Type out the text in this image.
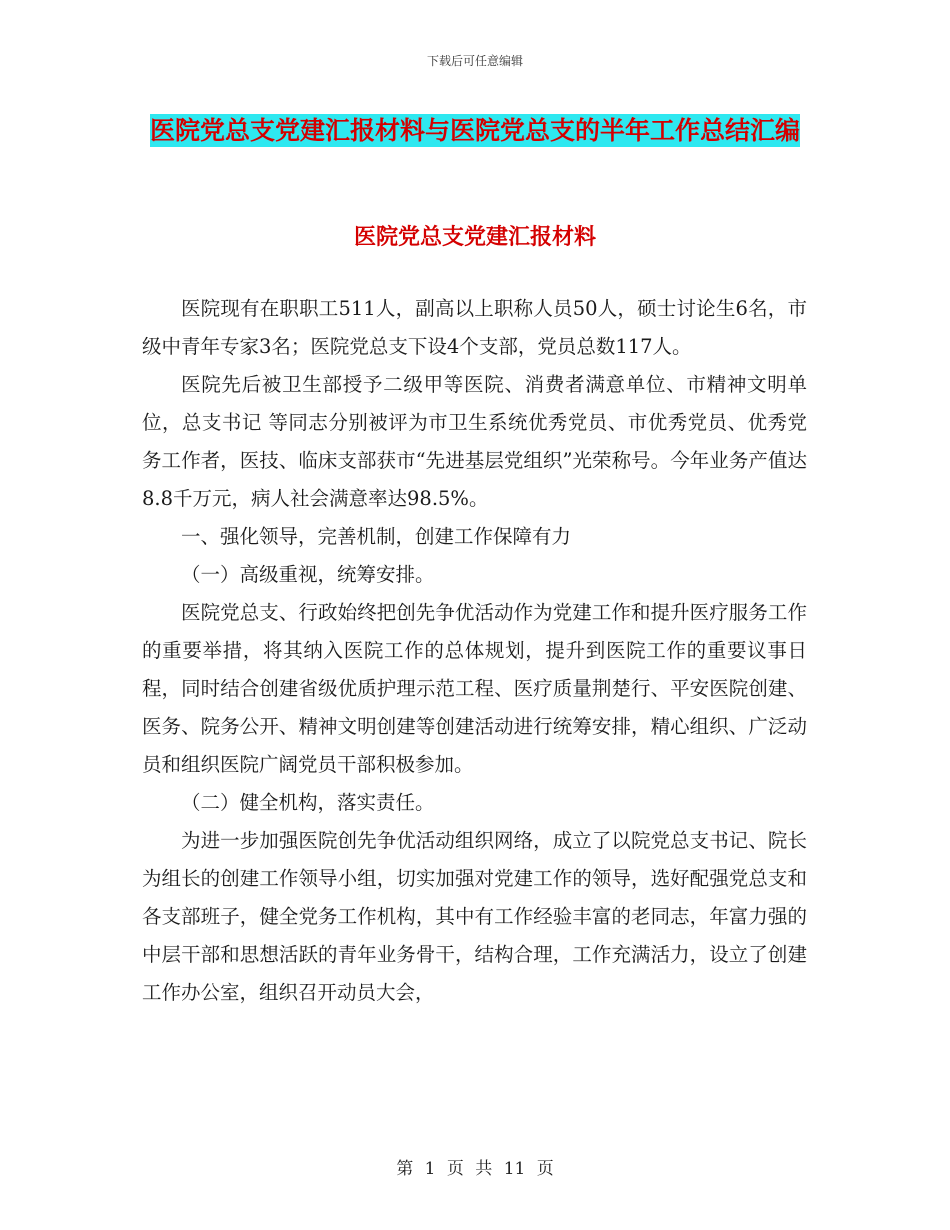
下载后可任意编辑
医院党总支党建汇报材料与医院党总支的半年工作总结汇编
医院党总支党建汇报材料

医院现有在职职工511人，副高以上职称人员50人，硕士讨论生6名，市级中青年专家3名；医院党总支下设4个支部，党员总数117人。

医院先后被卫生部授予二级甲等医院、消费者满意单位、市精神文明单位，总支书记 等同志分别被评为市卫生系统优秀党员、市优秀党员、优秀党务工作者，医技、临床支部获市“先进基层党组织”光荣称号。今年业务产值达8.8千万元，病人社会满意率达98.5%。

一、强化领导，完善机制，创建工作保障有力

（一）高级重视，统筹安排。

医院党总支、行政始终把创先争优活动作为党建工作和提升医疗服务工作的重要举措，将其纳入医院工作的总体规划，提升到医院工作的重要议事日程，同时结合创建省级优质护理示范工程、医疗质量荆楚行、平安医院创建、医务、院务公开、精神文明创建等创建活动进行统筹安排，精心组织、广泛动员和组织医院广阔党员干部积极参加。

（二）健全机构，落实责任。

为进一步加强医院创先争优活动组织网络，成立了以院党总支书记、院长为组长的创建工作领导小组，切实加强对党建工作的领导，选好配强党总支和各支部班子，健全党务工作机构，其中有工作经验丰富的老同志，年富力强的中层干部和思想活跃的青年业务骨干，结构合理，工作充满活力，设立了创建工作办公室，组织召开动员大会，

第 1 页 共 11 页
